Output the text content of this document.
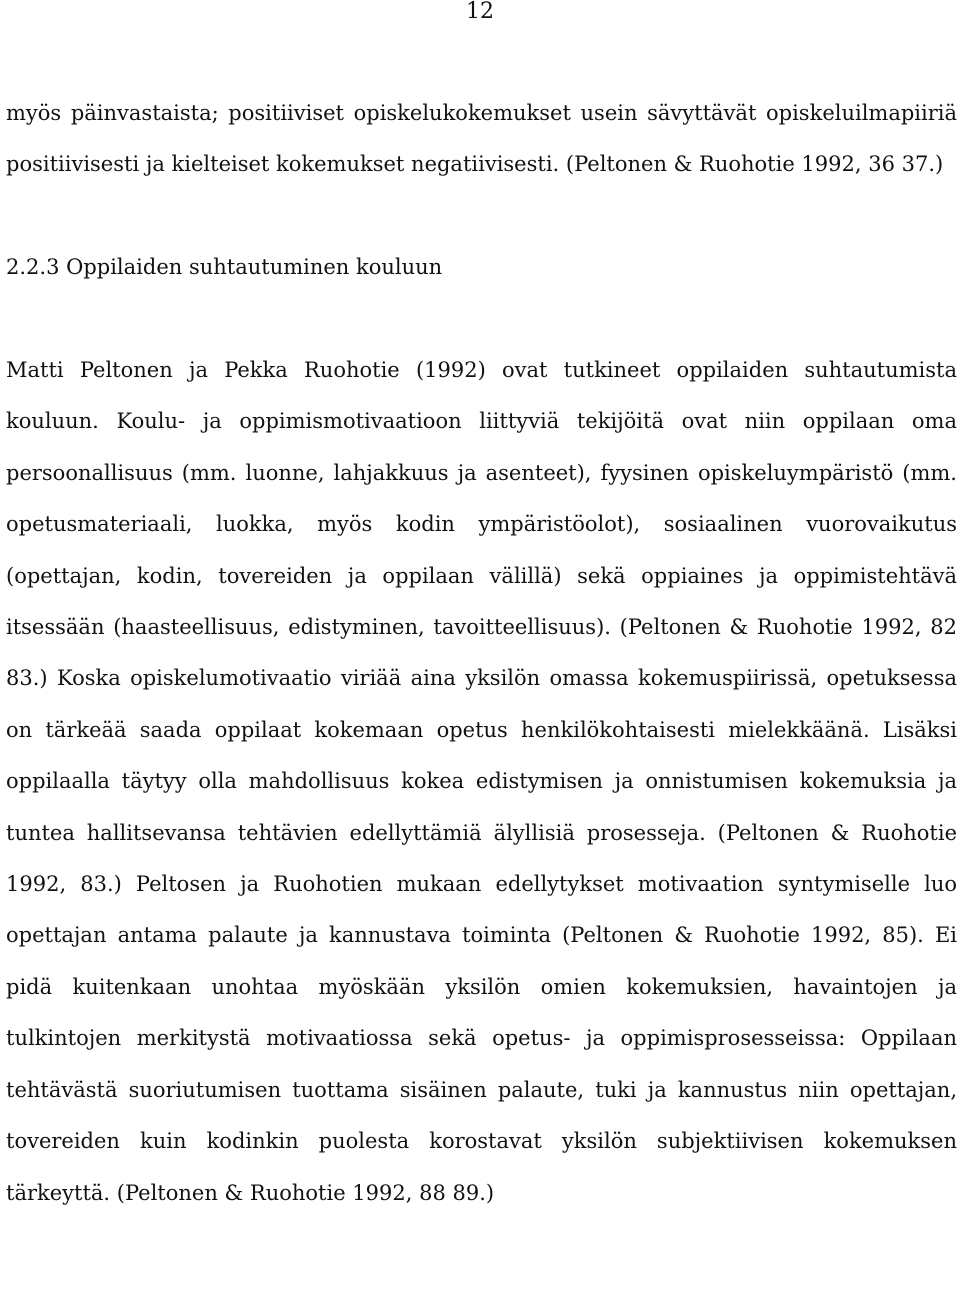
12

myös päinvastaista; positiiviset opiskelukokemukset usein sävyttävät opiskeluilmapiiriä positiivisesti ja kielteiset kokemukset negatiivisesti. (Peltonen & Ruohotie 1992, 36 37.)

2.2.3 Oppilaiden suhtautuminen kouluun

Matti Peltonen ja Pekka Ruohotie (1992) ovat tutkineet oppilaiden suhtautumista kouluun. Koulu- ja oppimismotivaatioon liittyviä tekijöitä ovat niin oppilaan oma persoonallisuus (mm. luonne, lahjakkuus ja asenteet), fyysinen opiskeluympäristö (mm. opetusmateriaali, luokka, myös kodin ympäristöolot), sosiaalinen vuorovaikutus (opettajan, kodin, tovereiden ja oppilaan välillä) sekä oppiaines ja oppimistehtävä itsessään (haasteellisuus, edistyminen, tavoitteellisuus). (Peltonen & Ruohotie 1992, 82 83.) Koska opiskelumotivaatio viriää aina yksilön omassa kokemuspiirissä, opetuksessa on tärkeää saada oppilaat kokemaan opetus henkilökohtaisesti mielekkäänä. Lisäksi oppilaalla täytyy olla mahdollisuus kokea edistymisen ja onnistumisen kokemuksia ja tuntea hallitsevansa tehtävien edellyttämiä älyllisiä prosesseja. (Peltonen & Ruohotie 1992, 83.) Peltosen ja Ruohotien mukaan edellytykset motivaation syntymiselle luo opettajan antama palaute ja kannustava toiminta (Peltonen & Ruohotie 1992, 85). Ei pidä kuitenkaan unohtaa myöskään yksilön omien kokemuksien, havaintojen ja tulkintojen merkitystä motivaatiossa sekä opetus- ja oppimisprosesseissa: Oppilaan tehtävästä suoriutumisen tuottama sisäinen palaute, tuki ja kannustus niin opettajan, tovereiden kuin kodinkin puolesta korostavat yksilön subjektiivisen kokemuksen tärkeyttä. (Peltonen & Ruohotie 1992, 88 89.)
